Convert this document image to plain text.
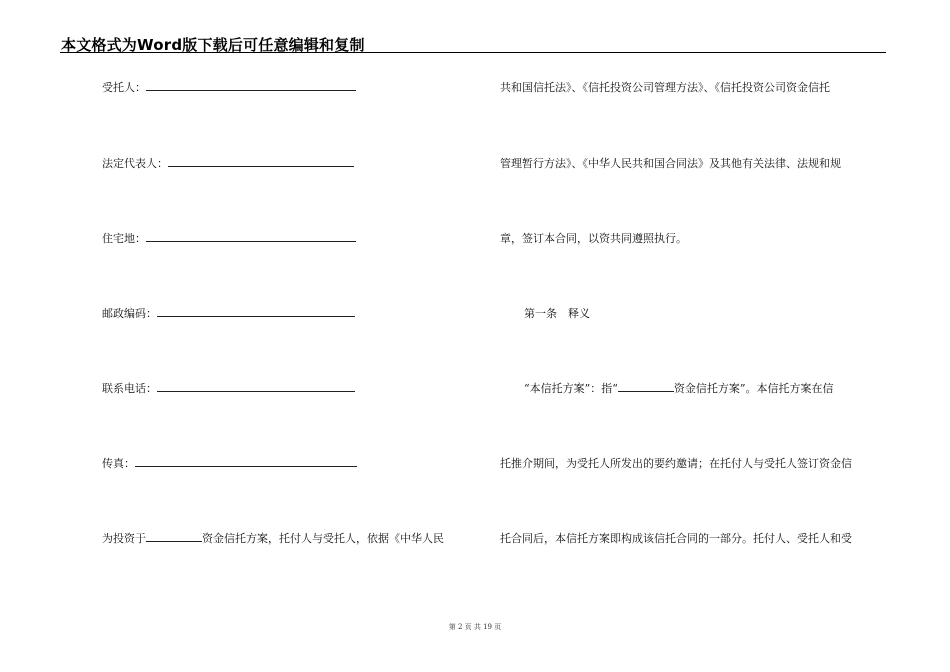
本文格式为Word版下载后可任意编辑和复制
受托人：
法定代表人：
住宅地：
邮政编码：
联系电话：
传真：
为投资于	资金信托方案，托付人与受托人，依据《中华人民
共和国信托法》、《信托投资公司管理方法》、《信托投资公司资金信托
管理暂行方法》、《中华人民共和国合同法》及其他有关法律、法规和规
章，签订本合同，以资共同遵照执行。
第一条　释义
“本信托方案”：指“	资金信托方案”。本信托方案在信
托推介期间，为受托人所发出的要约邀请；在托付人与受托人签订资金信
托合同后，本信托方案即构成该信托合同的一部分。托付人、受托人和受
第 2 页 共 19 页
